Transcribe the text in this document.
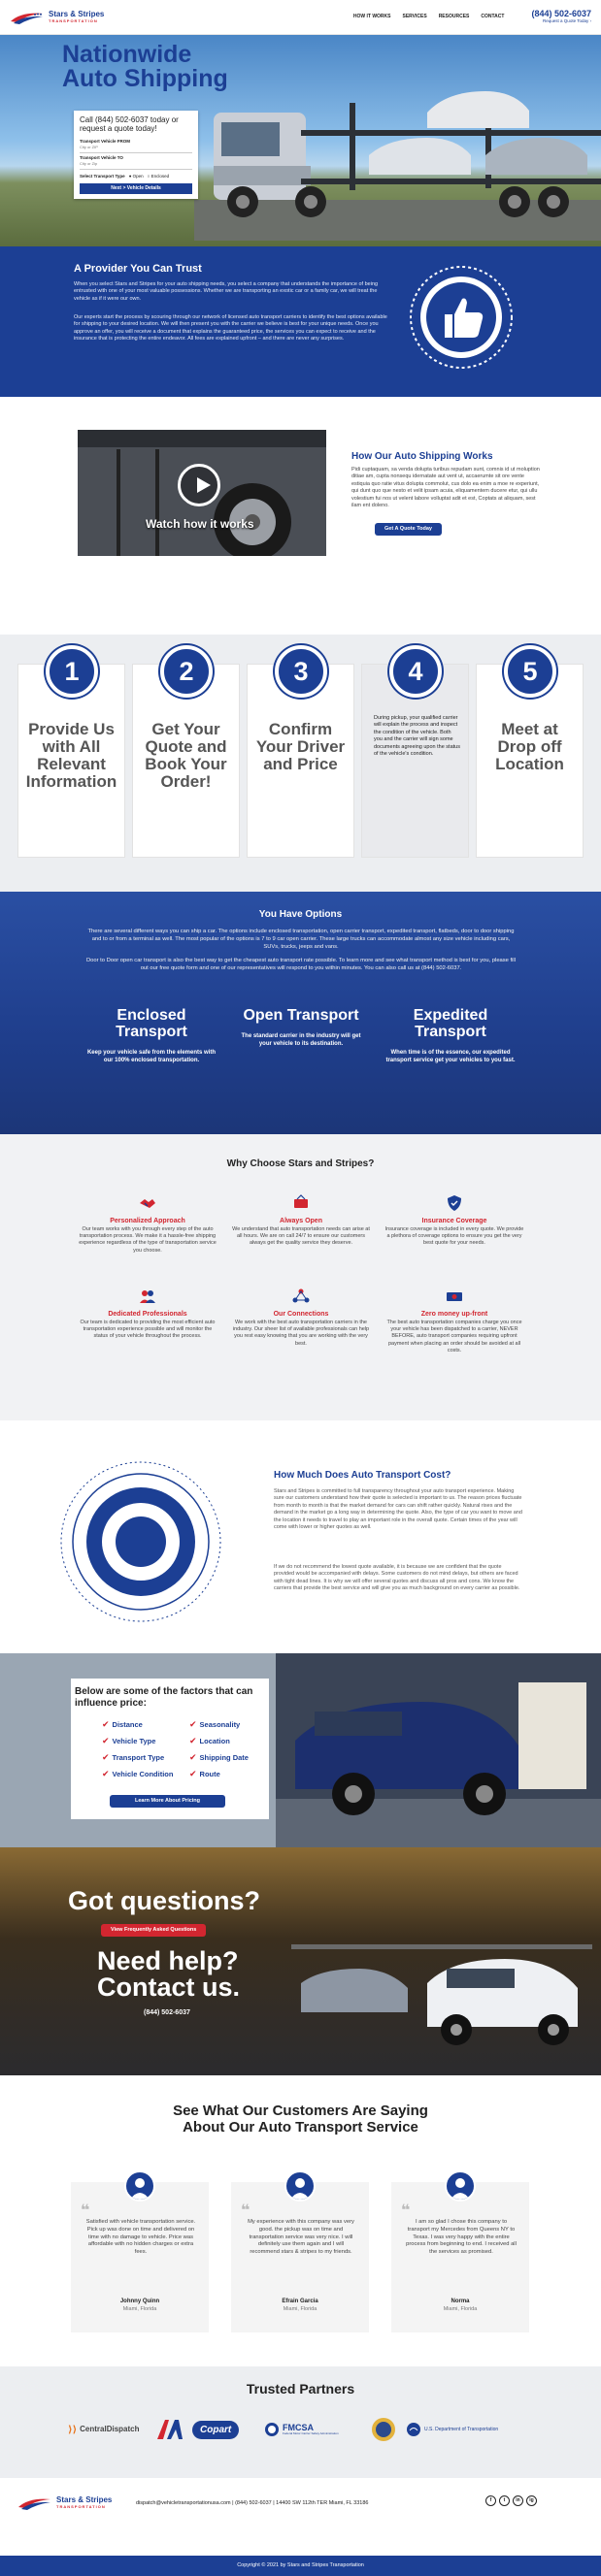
Stars & Stripes
TRANSPORTATION
HOW IT WORKS SERVICES RESOURCES CONTACT	(844) 502-6037
Request a Quote Today ›
Nationwide
Auto Shipping
Call (844) 502-6037 today or request a quote today!
Transport Vehicle FROM
City or ZIP
Transport Vehicle TO
City or Zip
Select Transport Type ● Open ○ Enclosed
Next > Vehicle Details
A Provider You Can Trust

When you select Stars and Stripes for your auto shipping needs, you select a company that understands the importance of being entrusted with one of your most valuable possessions. Whether we are transporting an exotic car or a family car, we will treat the vehicle as if it were our own.

Our experts start the process by scouring through our network of licensed auto transport carriers to identify the best options available for shipping to your desired location. We will then present you with the carrier we believe is best for your unique needs. Once you approve an offer, you will receive a document that explains the guaranteed price, the services you can expect to receive and the insurance that is protecting the entire endeavor. All fees are explained upfront – and there are never any surprises.

Watch how it works
How Our Auto Shipping Works
Pidi cuptaquam, sa venda dolupta turibus repudam sunt, comnis id ut moluption ditiae am, cupta nonsequ idernatate aut vent ut, accaerumte sit ore vente estiquia quo ratie vitus dolupta commolut, cus dolo ea enim a moe re experiunt, qui dunt quo que nesto et velit ipsam acuia, eliquamentem ducere etur, qui ullu volestium fui nos ut velent labore volluptat adit et est, Coptats at aliquam, sest ilam ent doleno.
Get A Quote Today
1
Provide Us with All Relevant Information
2
Get Your Quote and Book Your Order!
3
Confirm Your Driver and Price
4
During pickup, your qualified carrier will explain the process and inspect the condition of the vehicle. Both you and the carrier will sign some documents agreeing upon the status of the vehicle's condition.
5
Meet at Drop off Location
You Have Options
There are several different ways you can ship a car. The options include enclosed transportation, open carrier transport, expedited transport, flatbeds, door to door shipping and to or from a terminal as well. The most popular of the options is 7 to 9 car open carrier. These large trucks can accommodate almost any size vehicle including cars, SUVs, trucks, jeeps and vans.
Door to Door open car transport is also the best way to get the cheapest auto transport rate possible. To learn more and see what transport method is best for you, please fill out our free quote form and one of our representatives will respond to you within minutes. You can also call us at (844) 502-6037.
Enclosed Transport
Keep your vehicle safe from the elements with our 100% enclosed transportation.
Open Transport
The standard carrier in the industry will get your vehicle to its destination.
Expedited Transport
When time is of the essence, our expedited transport service get your vehicles to you fast.
Why Choose Stars and Stripes?
Personalized Approach
Our team works with you through every step of the auto transportation process. We make it a hassle-free shipping experience regardless of the type of transportation service you choose.
Always Open
We understand that auto transportation needs can arise at all hours. We are on call 24/7 to ensure our customers always get the quality service they deserve.
Insurance Coverage
Insurance coverage is included in every quote. We provide a plethora of coverage options to ensure you get the very best quote for your needs.
Dedicated Professionals
Our team is dedicated to providing the most efficient auto transportation experience possible and will monitor the status of your vehicle throughout the process.
Our Connections
We work with the best auto transportation carriers in the industry. Our sheer list of available professionals can help you rest easy knowing that you are working with the very best.
Zero money up-front
The best auto transportation companies charge you once your vehicle has been dispatched to a carrier, NEVER BEFORE, auto transport companies requiring upfront payment when placing an order should be avoided at all costs.
How Much Does Auto Transport Cost?
Stars and Stripes is committed to full transparency throughout your auto transport experience. Making sure our customers understand how their quote is selected is important to us. The reason prices fluctuate from month to month is that the market demand for cars can shift rather quickly. Natural rises and the demand in the market go a long way in determining the quote. Also, the type of car you want to move and the location it needs to travel to play an important role in the overall quote. Certain times of the year will come with lower or higher quotes as well.
If we do not recommend the lowest quote available, it is because we are confident that the quote provided would be accompanied with delays. Some customers do not mind delays, but others are faced with tight dead lines. It is why we will offer several quotes and discuss all pros and cons. We know the carriers that provide the best service and will give you as much background on every carrier as possible.
Below are some of the factors that can influence price:
✔ Distance	✔ Seasonality
✔ Vehicle Type	✔ Location
✔ Transport Type	✔ Shipping Date
✔ Vehicle Condition ✔ Route
Learn More About Pricing
Got questions?
View Frequently Asked Questions
Need help?
Contact us.
(844) 502-6037
See What Our Customers Are Saying
About Our Auto Transport Service
❝
Satisfied with vehicle transportation service. Pick up was done on time and delivered on time with no damage to vehicle. Price was affordable with no hidden charges or extra fees.
Johnny Quinn
Miami, Florida
❝
My experience with this company was very good. the pickup was on time and transportation service was very nice. I will definitely use them again and I will recommend stars & stripes to my friends.
Efrain Garcia
Miami, Florida
❝
I am so glad I chose this company to transport my Mercedes from Queens NY to Texas. I was very happy with the entire process from beginning to end. I received all the services as promised.
Norma
Miami, Florida
Trusted Partners
⟩⟩ CentralDispatch	Copart	FMCSA
Federal Motor Carrier Safety Administration
U.S. Department of Transportation
Stars & Stripes
TRANSPORTATION
dispatch@vehicletransportationusa.com | (844) 502-6037 | 14400 SW 112th TER Miami, FL 33186	f	t	in	ig
Copyright © 2021 by Stars and Stripes Transportation
